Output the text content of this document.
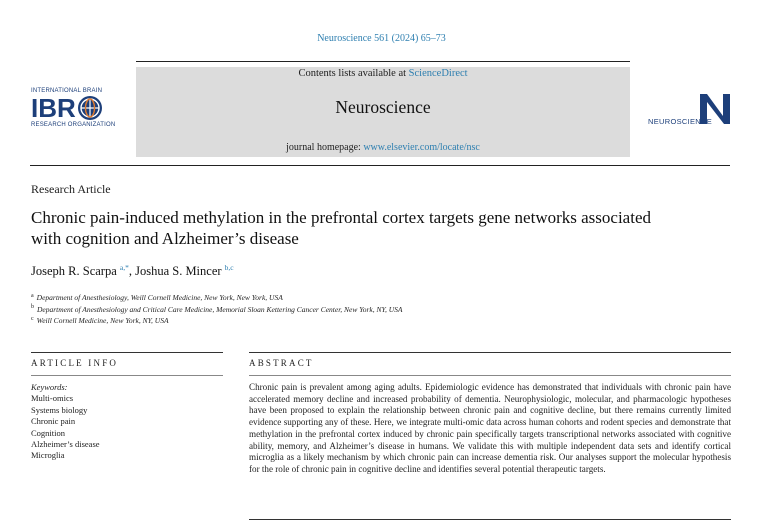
Neuroscience 561 (2024) 65–73
Contents lists available at ScienceDirect
Neuroscience
journal homepage: www.elsevier.com/locate/nsc
INTERNATIONAL BRAIN
IBR
RESEARCH ORGANIZATION	NEUROSCIENCE
Research Article
Chronic pain-induced methylation in the prefrontal cortex targets gene networks associated with cognition and Alzheimer’s disease
Joseph R. Scarpa $^{a,*}$, Joshua S. Mincer $^{b,c}$
$^a$ Department of Anesthesiology, Weill Cornell Medicine, New York, New York, USA
$^b$ Department of Anesthesiology and Critical Care Medicine, Memorial Sloan Kettering Cancer Center, New York, NY, USA
$^c$ Weill Cornell Medicine, New York, NY, USA
ARTICLE INFO	ABSTRACT
Keywords:
Multi-omics
Systems biology
Chronic pain
Cognition
Alzheimer’s disease
Microglia
Chronic pain is prevalent among aging adults. Epidemiologic evidence has demonstrated that individuals with chronic pain have accelerated memory decline and increased probability of dementia. Neurophysiologic, molecular, and pharmacologic hypotheses have been proposed to explain the relationship between chronic pain and cognitive decline, but there remains currently limited evidence supporting any of these. Here, we integrate multi-omic data across human cohorts and rodent species and demonstrate that methylation in the prefrontal cortex induced by chronic pain specifically targets transcriptional networks associated with cognitive ability, memory, and Alzheimer’s disease in humans. We validate this with multiple independent data sets and identify cortical microglia as a likely mechanism by which chronic pain can increase dementia risk. Our analyses support the molecular hypothesis for the role of chronic pain in cognitive decline and identifies several potential therapeutic targets.
